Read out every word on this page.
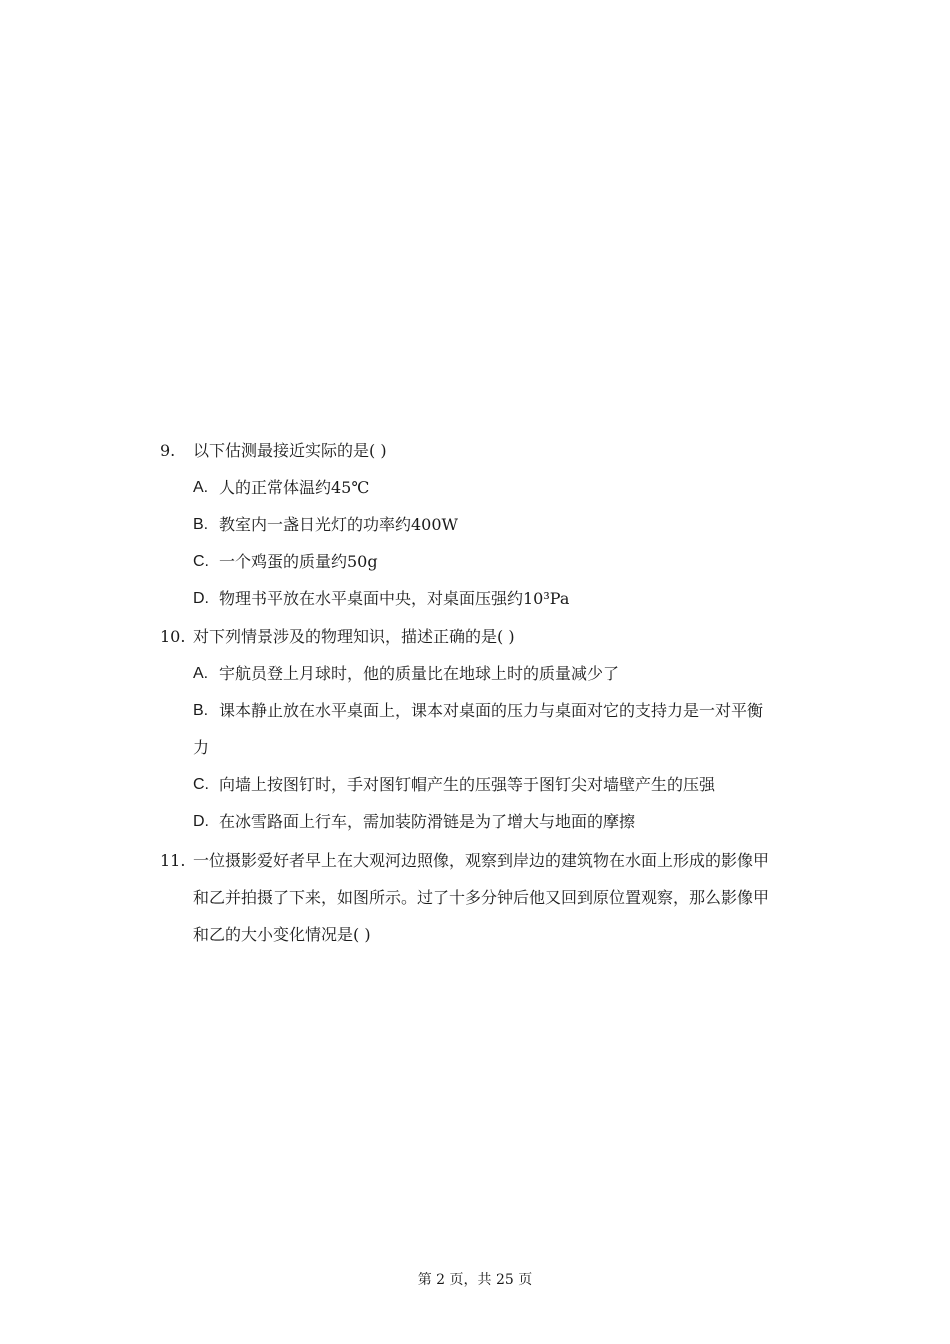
9. 以下估测最接近实际的是( )
A. 人的正常体温约45℃
B. 教室内一盏日光灯的功率约400W
C. 一个鸡蛋的质量约50g
D. 物理书平放在水平桌面中央，对桌面压强约10³Pa
10. 对下列情景涉及的物理知识，描述正确的是( )
A. 宇航员登上月球时，他的质量比在地球上时的质量减少了
B. 课本静止放在水平桌面上，课本对桌面的压力与桌面对它的支持力是一对平衡
力
C. 向墙上按图钉时，手对图钉帽产生的压强等于图钉尖对墙壁产生的压强
D. 在冰雪路面上行车，需加装防滑链是为了增大与地面的摩擦
11. 一位摄影爱好者早上在大观河边照像，观察到岸边的建筑物在水面上形成的影像甲
和乙并拍摄了下来，如图所示。过了十多分钟后他又回到原位置观察，那么影像甲
和乙的大小变化情况是( )
第 2 页，共 25 页
